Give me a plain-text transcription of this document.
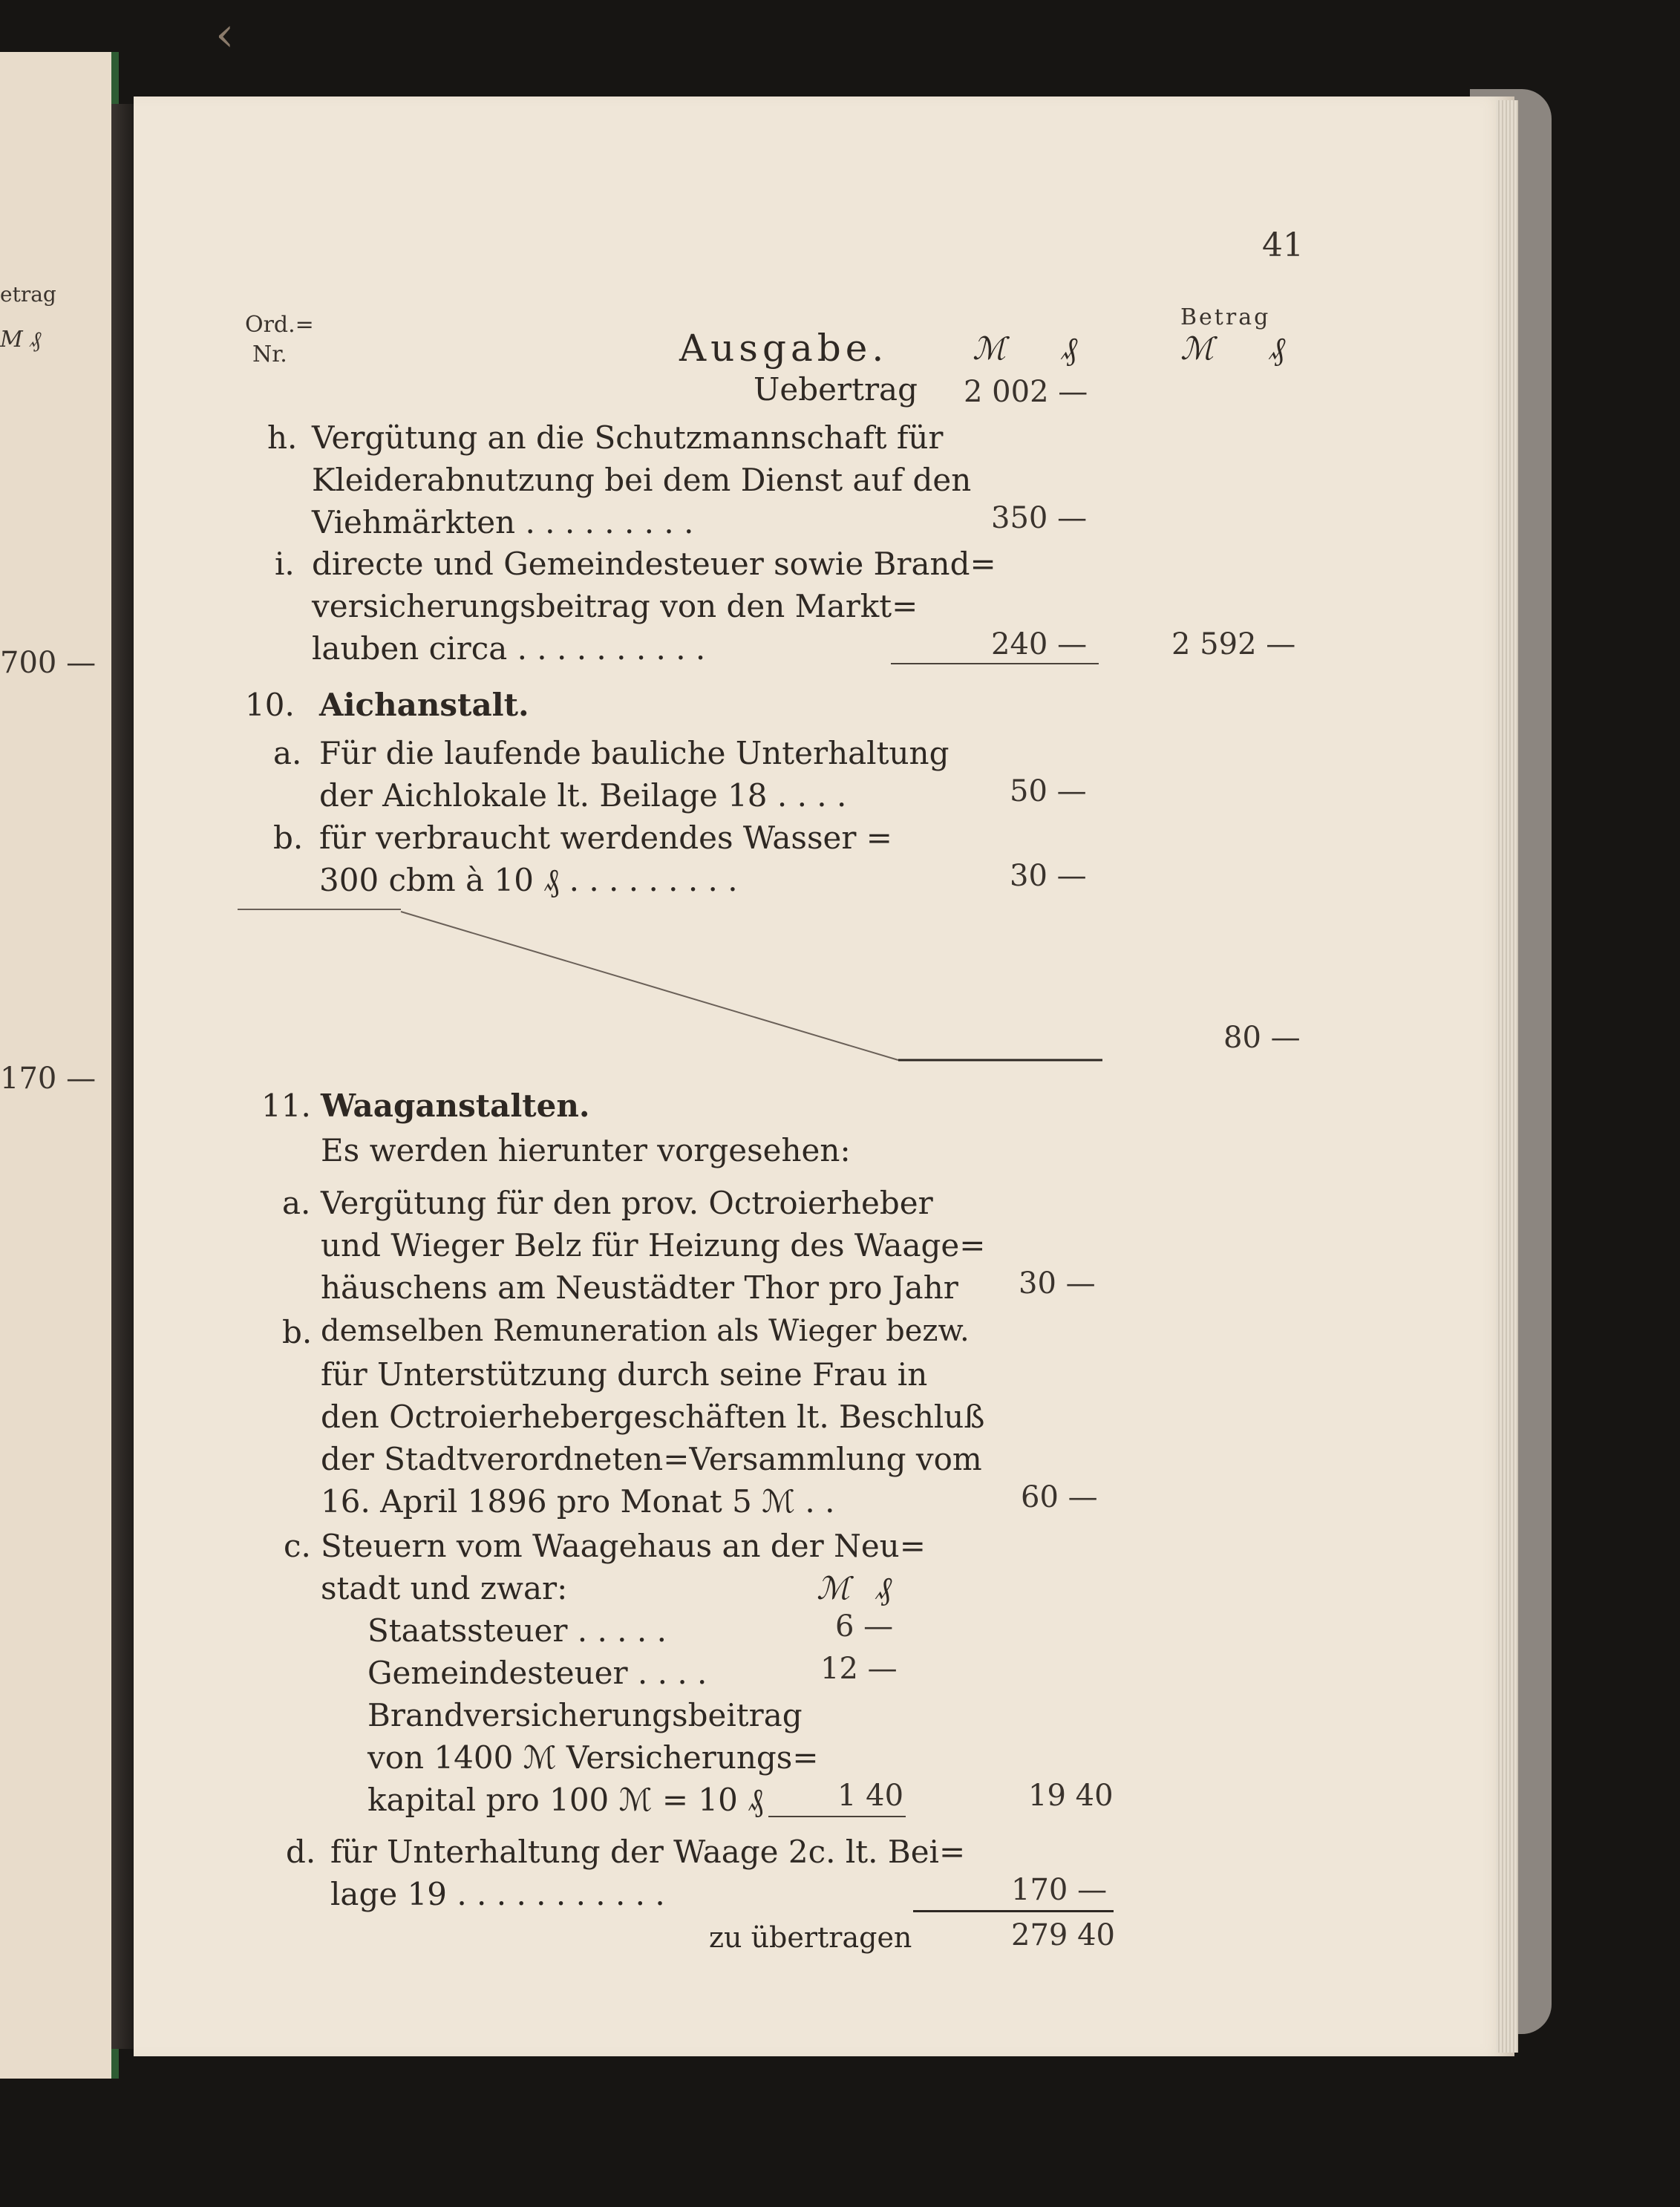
‹
etrag
M ₰
700 —
170 —
41
Ord.=
Nr.	Ausgabe.	ℳ ₰
Betrag
ℳ ₰
Uebertrag 2 002 —
h. Vergütung an die Schutzmannschaft für
Kleiderabnutzung bei dem Dienst auf den
Viehmärkten . . . . . . . . .	350 —
i. directe und Gemeindesteuer sowie Brand=
versicherungsbeitrag von den Markt=
lauben circa . . . . . . . . . .	240 —	2 592 —
10. Aichanstalt.
a. Für die laufende bauliche Unterhaltung
der Aichlokale lt. Beilage 18 . . . .	50 —
b. für verbraucht werdendes Wasser =
300 cbm à 10 ₰ . . . . . . . . .	30 —
80 —
11. Waaganstalten.
Es werden hierunter vorgesehen:
a. Vergütung für den prov. Octroierheber
und Wieger Belz für Heizung des Waage=
häuschens am Neustädter Thor pro Jahr 30 —
b. demselben Remuneration als Wieger bezw.
für Unterstützung durch seine Frau in
den Octroierhebergeschäften lt. Beschluß
der Stadtverordneten=Versammlung vom
16. April 1896 pro Monat 5 ℳ . .	60 —
c. Steuern vom Waagehaus an der Neu=
stadt und zwar:	ℳ ₰
Staatssteuer . . . . .	6 —
Gemeindesteuer . . . .	12 —
Brandversicherungsbeitrag
von 1400 ℳ Versicherungs=
kapital pro 100 ℳ = 10 ₰ 1 40	19 40
d. für Unterhaltung der Waage 2c. lt. Bei=
lage 19 . . . . . . . . . . .	170 —
zu übertragen	279 40
